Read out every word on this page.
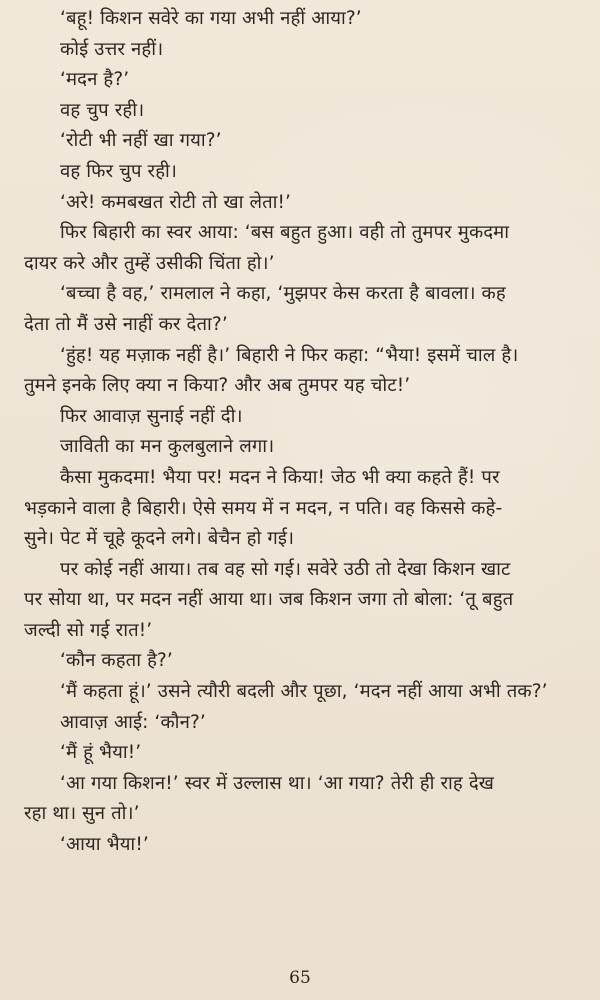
‘बहू! किशन सवेरे का गया अभी नहीं आया?’
कोई उत्तर नहीं।
‘मदन है?’
वह चुप रही।
‘रोटी भी नहीं खा गया?’
वह फिर चुप रही।
‘अरे! कमबखत रोटी तो खा लेता!’
फिर बिहारी का स्वर आया: ‘बस बहुत हुआ। वही तो तुमपर मुकदमा
दायर करे और तुम्हें उसीकी चिंता हो।’
‘बच्चा है वह,’ रामलाल ने कहा, ‘मुझपर केस करता है बावला। कह
देता तो मैं उसे नाहीं कर देता?’
‘हुंह! यह मज़ाक नहीं है।’ बिहारी ने फिर कहा: “भैया! इसमें चाल है।
तुमने इनके लिए क्या न किया? और अब तुमपर यह चोट!’
फिर आवाज़ सुनाई नहीं दी।
जाविती का मन कुलबुलाने लगा।
कैसा मुकदमा! भैया पर! मदन ने किया! जेठ भी क्या कहते हैं! पर
भड़काने वाला है बिहारी। ऐसे समय में न मदन, न पति। वह किससे कहे-
सुने। पेट में चूहे कूदने लगे। बेचैन हो गई।
पर कोई नहीं आया। तब वह सो गई। सवेरे उठी तो देखा किशन खाट
पर सोया था, पर मदन नहीं आया था। जब किशन जगा तो बोला: ‘तू बहुत
जल्दी सो गई रात!’
‘कौन कहता है?’
‘मैं कहता हूं।’ उसने त्यौरी बदली और पूछा, ‘मदन नहीं आया अभी तक?’
आवाज़ आई: ‘कौन?’
‘मैं हूं भैया!’
‘आ गया किशन!’ स्वर में उल्लास था। ‘आ गया? तेरी ही राह देख
रहा था। सुन तो।’
‘आया भैया!’
65
